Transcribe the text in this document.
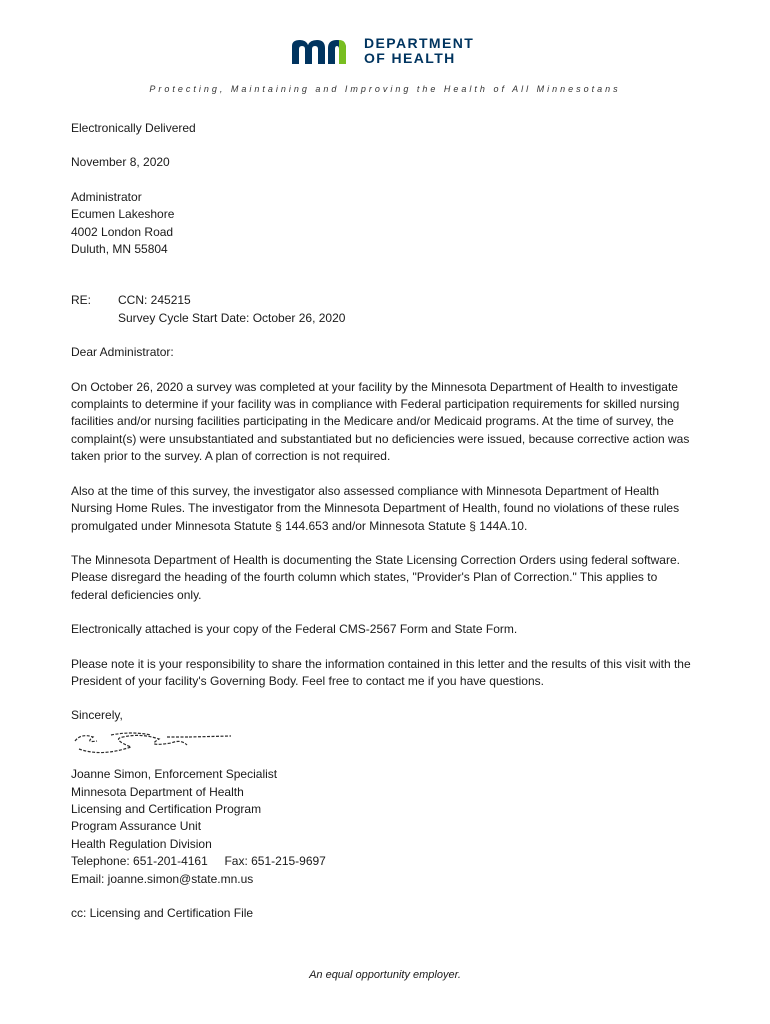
DEPARTMENT
OF HEALTH
Protecting, Maintaining and Improving the Health of All Minnesotans

Electronically Delivered

November 8, 2020

Administrator

Ecumen Lakeshore

4002 London Road

Duluth, MN 55804

RE:	CCN: 245215
Survey Cycle Start Date: October 26, 2020

Dear Administrator:

On October 26, 2020 a survey was completed at your facility by the Minnesota Department of Health to investigate complaints to determine if your facility was in compliance with Federal participation requirements for skilled nursing facilities and/or nursing facilities participating in the Medicare and/or Medicaid programs. At the time of survey, the complaint(s) were unsubstantiated and substantiated but no deficiencies were issued, because corrective action was taken prior to the survey. A plan of correction is not required.

Also at the time of this survey, the investigator also assessed compliance with Minnesota Department of Health Nursing Home Rules. The investigator from the Minnesota Department of Health, found no violations of these rules promulgated under Minnesota Statute § 144.653 and/or Minnesota Statute § 144A.10.

The Minnesota Department of Health is documenting the State Licensing Correction Orders using federal software. Please disregard the heading of the fourth column which states, "Provider's Plan of Correction." This applies to federal deficiencies only.

Electronically attached is your copy of the Federal CMS-2567 Form and State Form.

Please note it is your responsibility to share the information contained in this letter and the results of this visit with the President of your facility's Governing Body. Feel free to contact me if you have questions.

Sincerely,

Joanne Simon, Enforcement Specialist

Minnesota Department of Health

Licensing and Certification Program

Program Assurance Unit

Health Regulation Division

Telephone: 651-201-4161 Fax: 651-215-9697

Email: joanne.simon@state.mn.us

cc: Licensing and Certification File

An equal opportunity employer.
